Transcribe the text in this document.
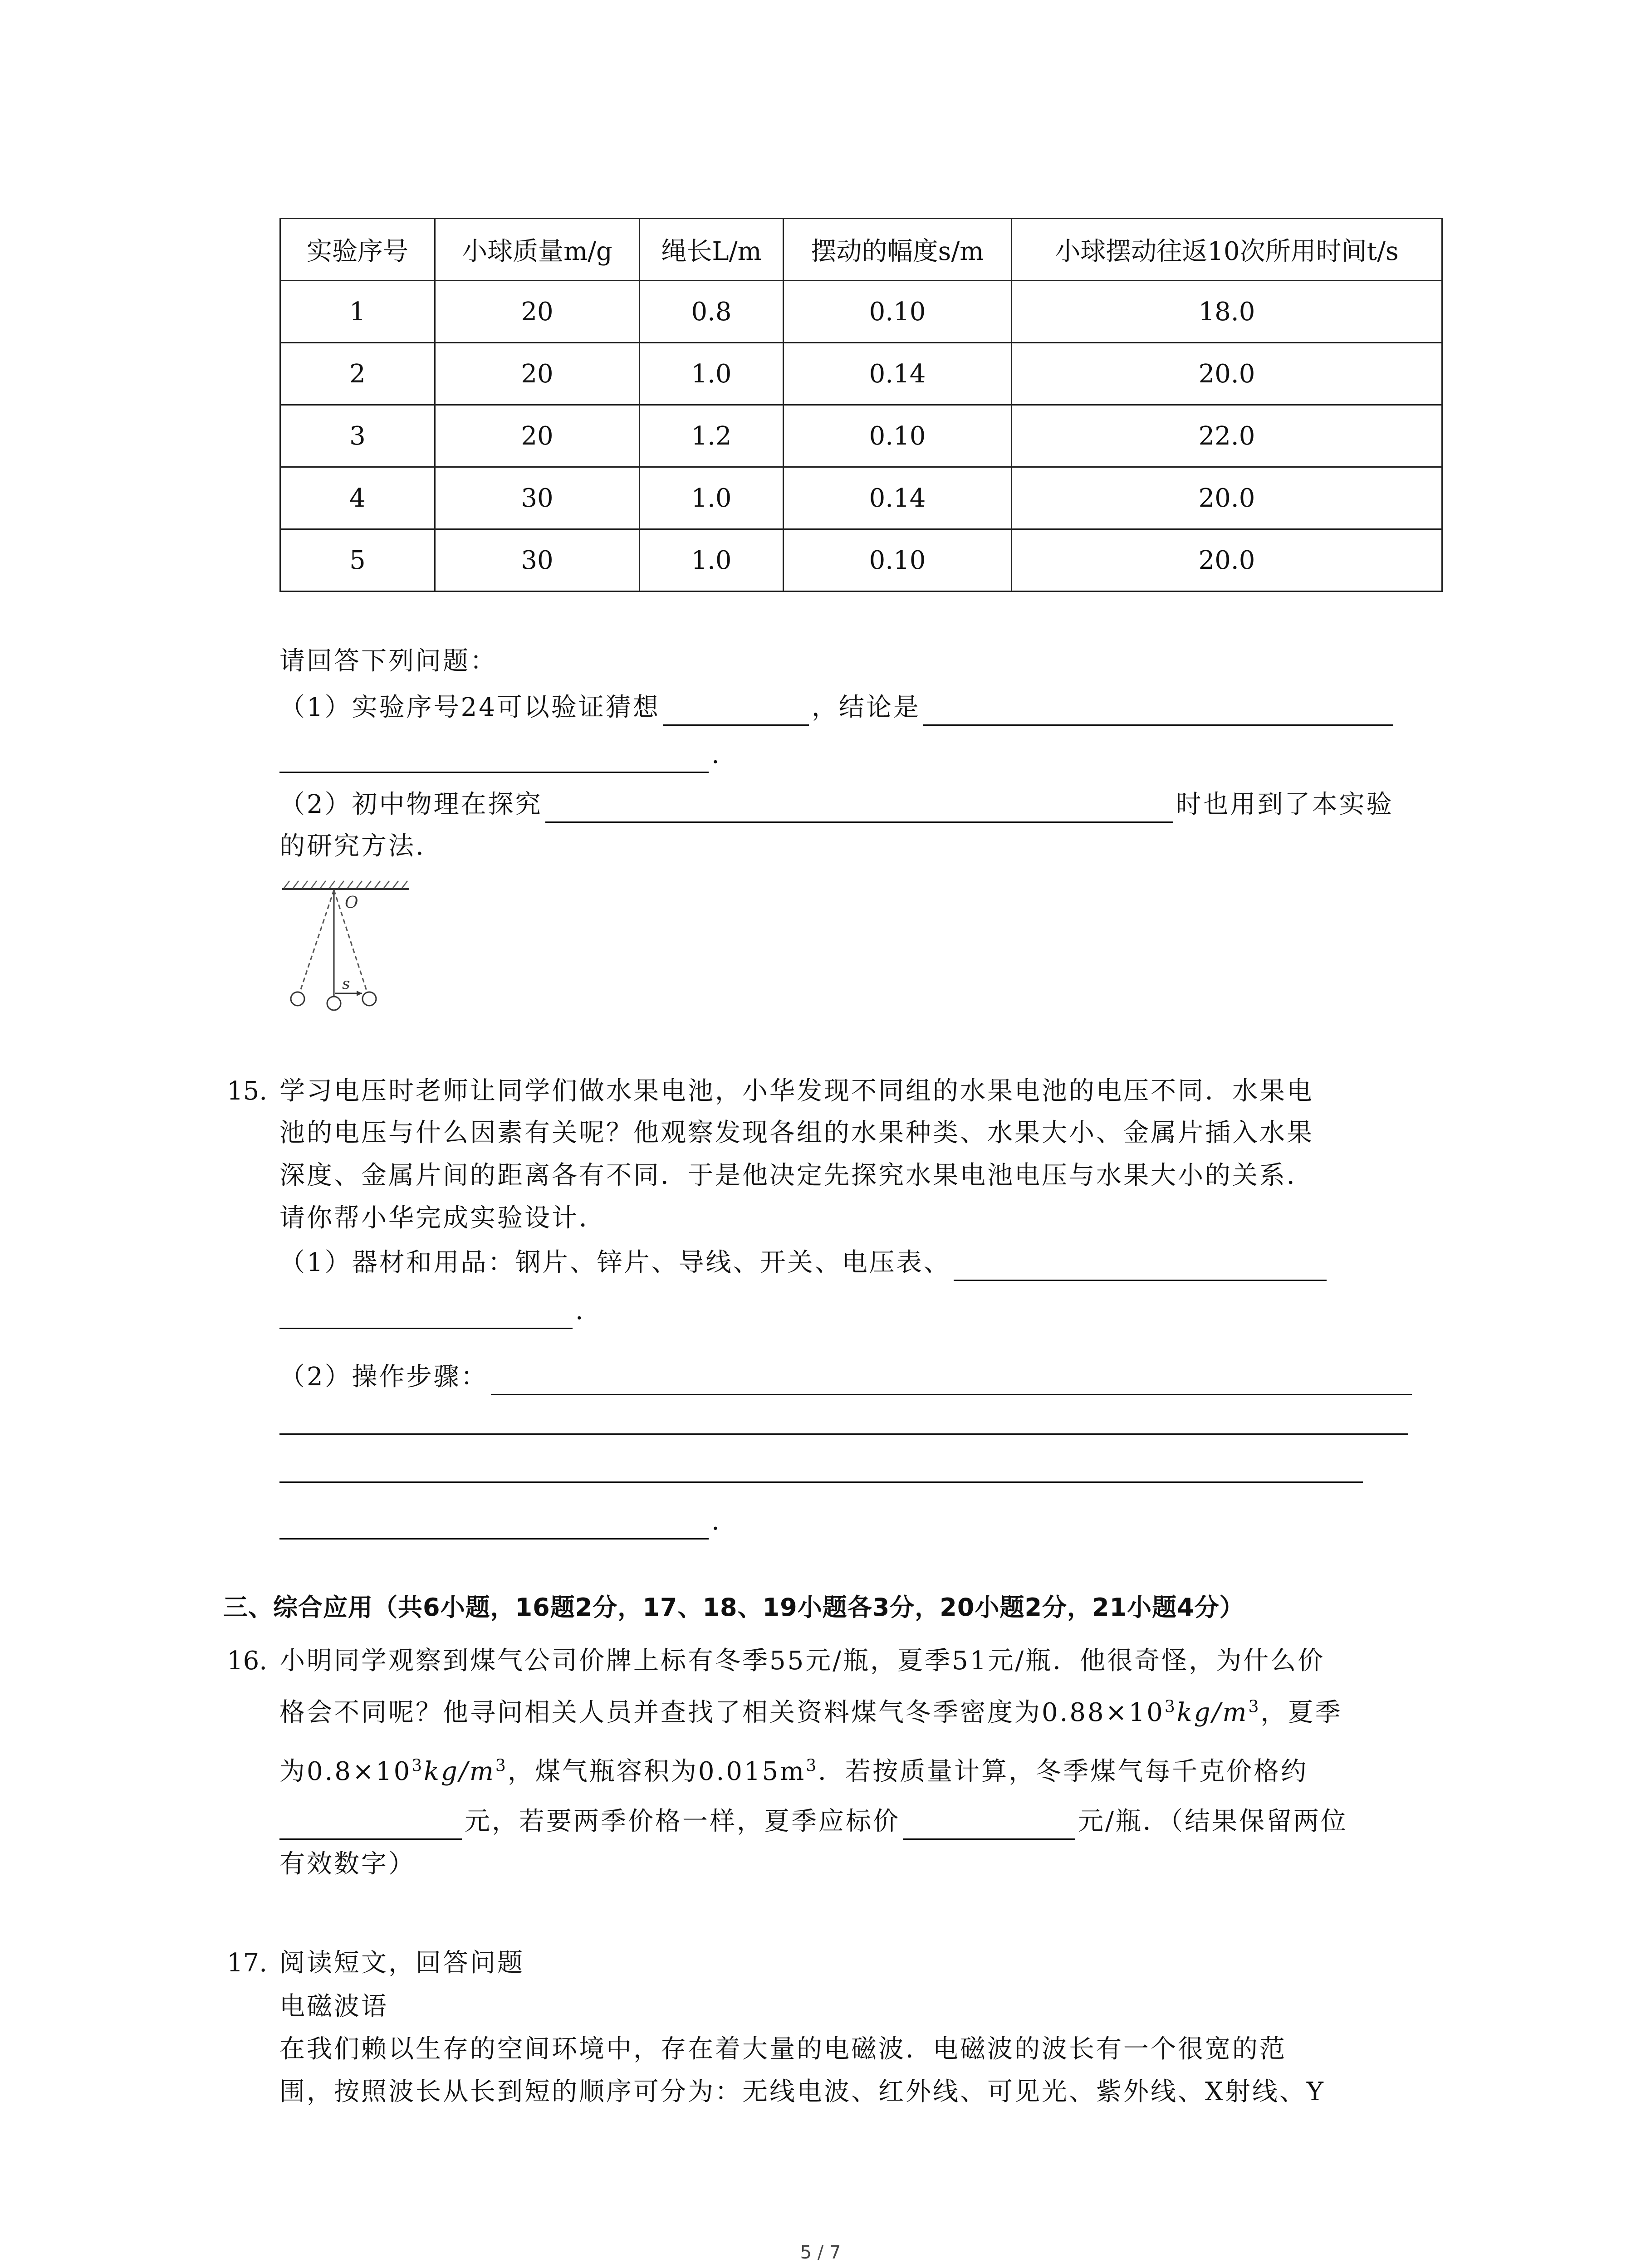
实验序号	小球质量m/g	绳长L/m	摆动的幅度s/m	小球摆动往返10次所用时间t/s
1	20	0.8	0.10	18.0
2	20	1.0	0.14	20.0
3	20	1.2	0.10	22.0
4	30	1.0	0.14	20.0
5	30	1.0	0.10	20.0
请回答下列问题：
（1）实验序号24可以验证猜想	，结论是
.
（2）初中物理在探究	时也用到了本实验
的研究方法.
O
s
15. 学习电压时老师让同学们做水果电池，小华发现不同组的水果电池的电压不同．水果电
池的电压与什么因素有关呢？他观察发现各组的水果种类、水果大小、金属片插入水果
深度、金属片间的距离各有不同．于是他决定先探究水果电池电压与水果大小的关系．
请你帮小华完成实验设计．
（1）器材和用品：钢片、锌片、导线、开关、电压表、
.
（2）操作步骤：
.
三、综合应用（共6小题，16题2分，17、18、19小题各3分，20小题2分，21小题4分）
16. 小明同学观察到煤气公司价牌上标有冬季55元/瓶，夏季51元/瓶．他很奇怪，为什么价
格会不同呢？他寻问相关人员并查找了相关资料煤气冬季密度为$0.88\times 10^3kg/m^3$，夏季
为$0.8\times 10^3kg/m^3$，煤气瓶容积为$0.015m^3$．若按质量计算，冬季煤气每千克价格约
元，若要两季价格一样，夏季应标价	元/瓶．（结果保留两位
有效数字）
17. 阅读短文，回答问题
电磁波语
在我们赖以生存的空间环境中，存在着大量的电磁波．电磁波的波长有一个很宽的范
围，按照波长从长到短的顺序可分为：无线电波、红外线、可见光、紫外线、X射线、Y
5 / 7
